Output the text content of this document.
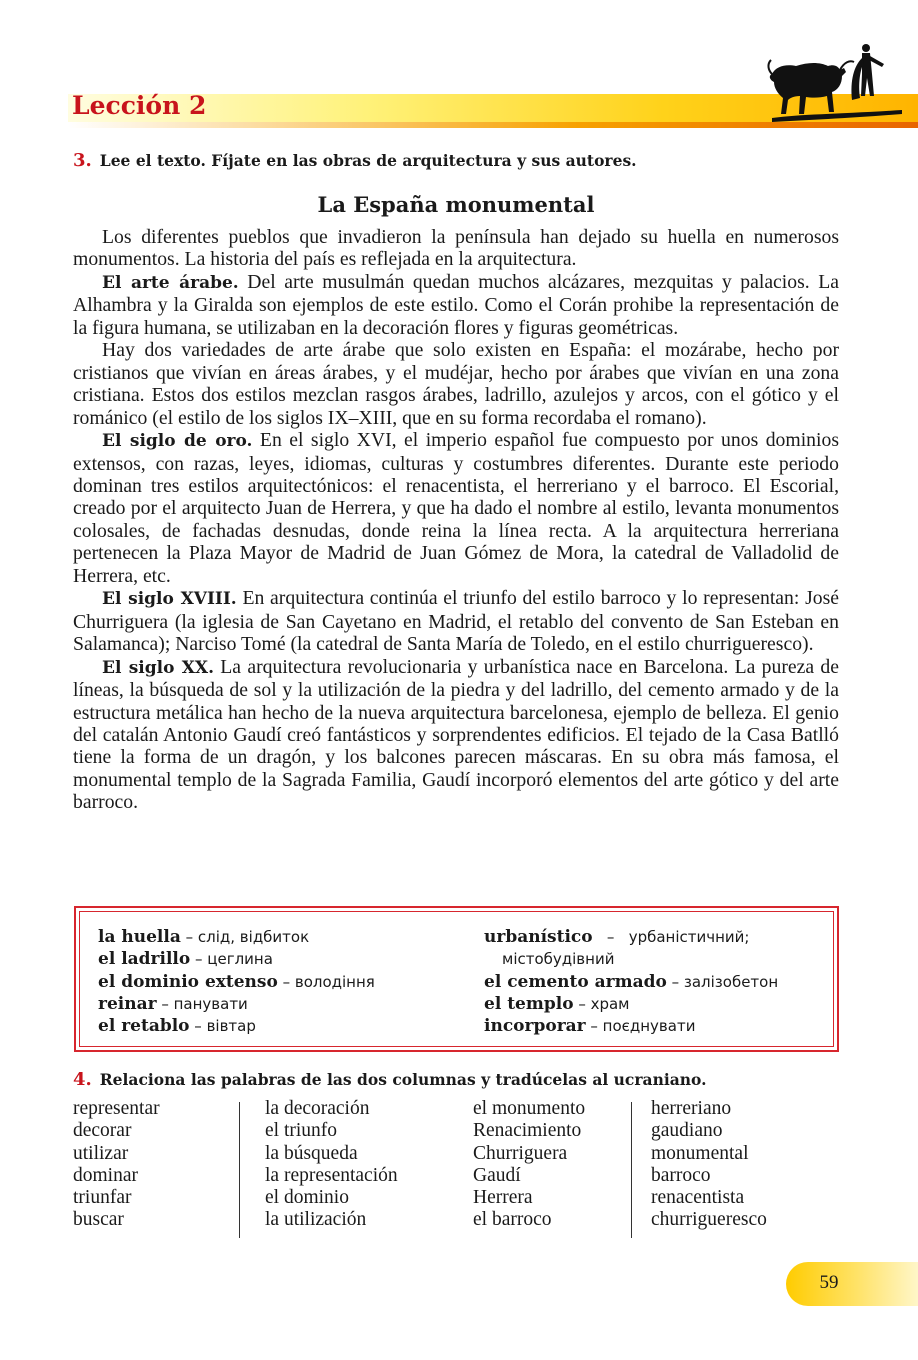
Lección 2

3. Lee el texto. Fíjate en las obras de arquitectura y sus autores.

La España monumental

Los diferentes pueblos que invadieron la península han dejado su huella en numerosos monumentos. La historia del país es reflejada en la arquitectura.

El arte árabe. Del arte musulmán quedan muchos alcázares, mezquitas y palacios. La Alhambra y la Giralda son ejemplos de este estilo. Como el Corán prohibe la representación de la figura humana, se utilizaban en la decoración flores y figuras geométricas.

Hay dos variedades de arte árabe que solo existen en España: el mozárabe, hecho por cristianos que vivían en áreas árabes, y el mudéjar, hecho por árabes que vivían en una zona cristiana. Estos dos estilos mezclan rasgos árabes, ladrillo, azulejos y arcos, con el gótico y el románico (el estilo de los siglos IX–XIII, que en su forma recordaba el romano).

El siglo de oro. En el siglo XVI, el imperio español fue compuesto por unos dominios extensos, con razas, leyes, idiomas, culturas y costumbres diferentes. Durante este periodo dominan tres estilos arquitectónicos: el renacentista, el herreriano y el barroco. El Escorial, creado por el arquitecto Juan de Herrera, y que ha dado el nombre al estilo, levanta monumentos colosales, de fachadas desnudas, donde reina la línea recta. A la arquitectura herreriana pertenecen la Plaza Mayor de Madrid de Juan Gómez de Mora, la catedral de Valladolid de Herrera, etc.

El siglo XVIII. En arquitectura continúa el triunfo del estilo barroco y lo representan: José Churriguera (la iglesia de San Cayetano en Madrid, el retablo del convento de San Esteban en Salamanca); Narciso Tomé (la catedral de Santa María de Toledo, en el estilo churrigueresco).

El siglo XX. La arquitectura revolucionaria y urbanística nace en Barcelona. La pureza de líneas, la búsqueda de sol y la utilización de la piedra y del ladrillo, del cemento armado y de la estructura metálica han hecho de la nueva arquitectura barcelonesa, ejemplo de belleza. El genio del catalán Antonio Gaudí creó fantásticos y sorprendentes edificios. El tejado de la Casa Batlló tiene la forma de un dragón, y los balcones parecen máscaras. En su obra más famosa, el monumental templo de la Sagrada Familia, Gaudí incorporó elementos del arte gótico y del arte barroco.

la huella – слід, відбиток
el ladrillo – цеглина
el dominio extenso – володіння
reinar – панувати
el retablo – вівтар
urbanístico   –   урбаністичний;
містобудівний
el cemento armado – залізобетон
el templo – храм
incorporar – поєднувати

4. Relaciona las palabras de las dos columnas y tradúcelas al ucraniano.

representar
decorar
utilizar
dominar
triunfar
buscar
la decoración
el triunfo
la búsqueda
la representación
el dominio
la utilización
el monumento
Renacimiento
Churriguera
Gaudí
Herrera
el barroco
herreriano
gaudiano
monumental
barroco
renacentista
churrigueresco
59
